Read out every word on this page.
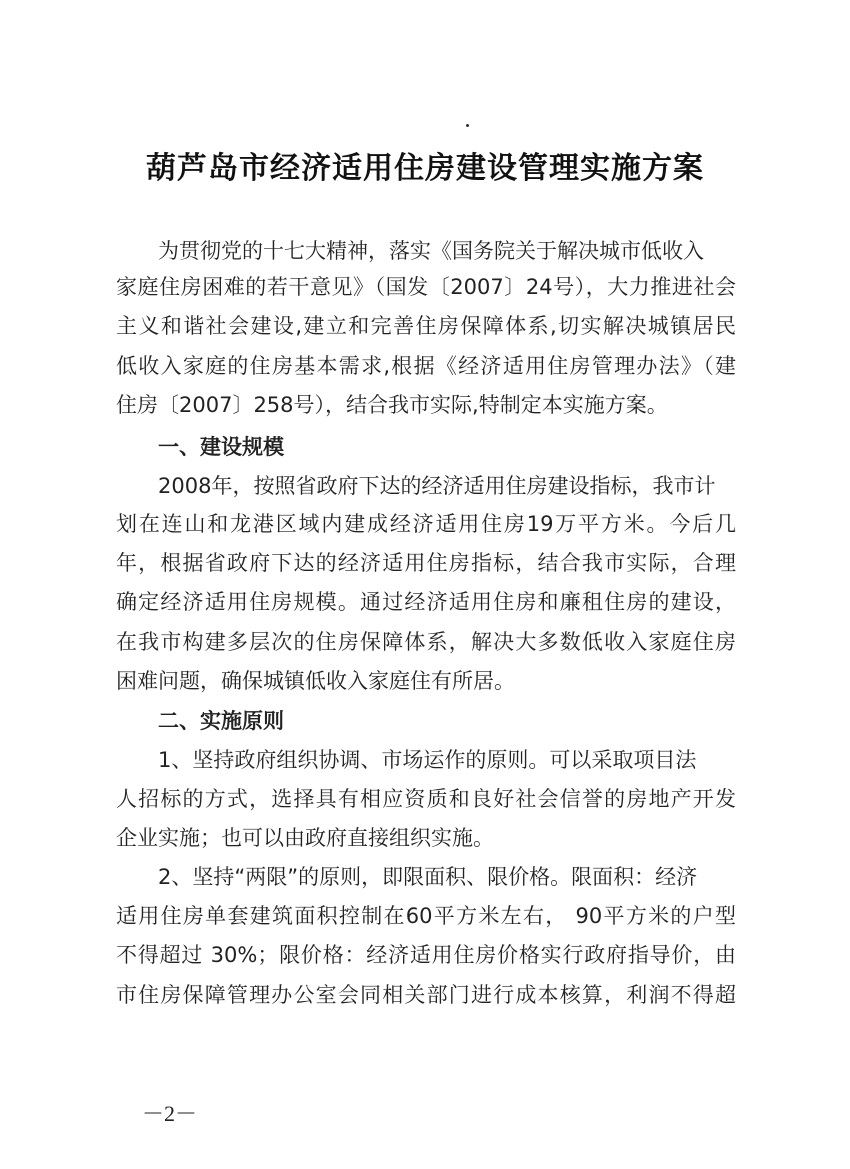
葫芦岛市经济适用住房建设管理实施方案
为贯彻党的十七大精神，落实《国务院关于解决城市低收入
家庭住房困难的若干意见》（国发〔2007〕24号），大力推进社会
主义和谐社会建设,建立和完善住房保障体系,切实解决城镇居民
低收入家庭的住房基本需求,根据《经济适用住房管理办法》（建
住房〔2007〕258号），结合我市实际,特制定本实施方案。
一、建设规模
2008年，按照省政府下达的经济适用住房建设指标，我市计
划在连山和龙港区域内建成经济适用住房19万平方米。今后几
年，根据省政府下达的经济适用住房指标，结合我市实际，合理
确定经济适用住房规模。通过经济适用住房和廉租住房的建设，
在我市构建多层次的住房保障体系，解决大多数低收入家庭住房
困难问题，确保城镇低收入家庭住有所居。
二、实施原则
1、坚持政府组织协调、市场运作的原则。可以采取项目法
人招标的方式，选择具有相应资质和良好社会信誉的房地产开发
企业实施；也可以由政府直接组织实施。
2、坚持“两限”的原则，即限面积、限价格。限面积：经济
适用住房单套建筑面积控制在60平方米左右， 90平方米的户型
不得超过 30%；限价格：经济适用住房价格实行政府指导价，由
市住房保障管理办公室会同相关部门进行成本核算，利润不得超
－2－
